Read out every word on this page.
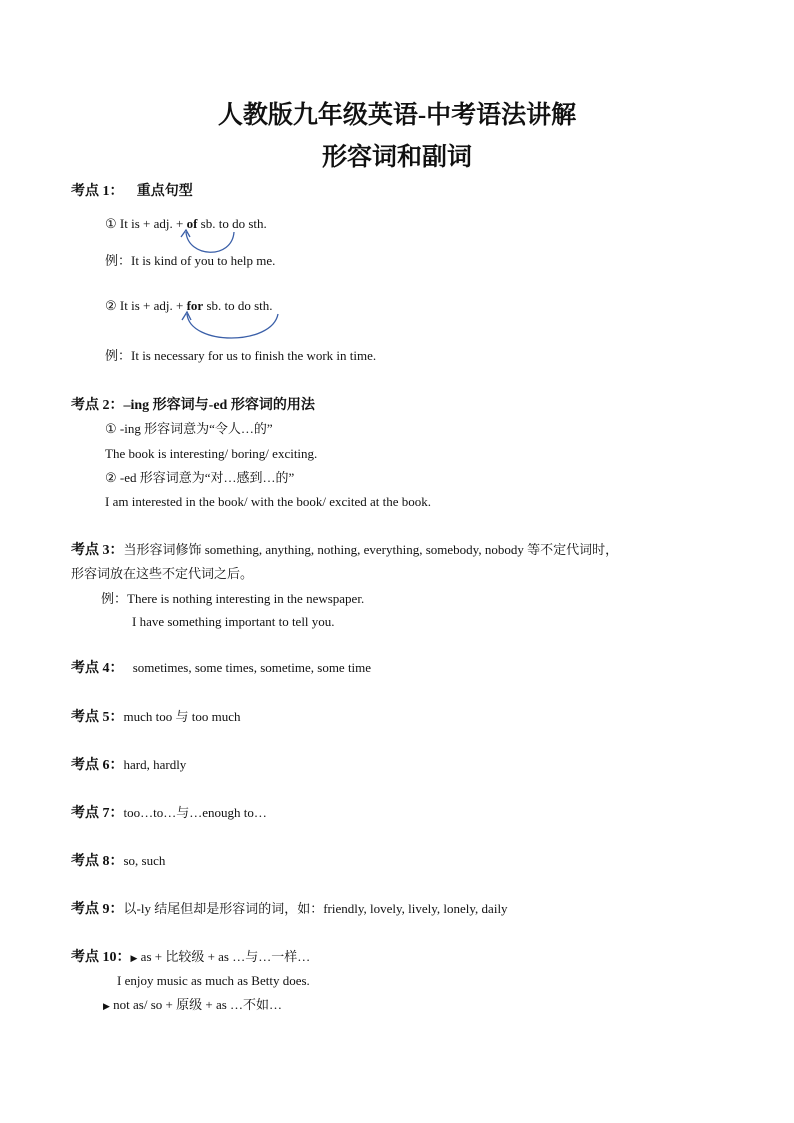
人教版九年级英语-中考语法讲解
形容词和副词
考点 1： 重点句型
① It is + adj. + of sb. to do sth.
例：It is kind of you to help me.
② It is + adj. + for sb. to do sth.
例：It is necessary for us to finish the work in time.
考点 2：–ing 形容词与-ed 形容词的用法
① -ing 形容词意为“令人…的”
The book is interesting/ boring/ exciting.
② -ed 形容词意为“对…感到…的”
I am interested in the book/ with the book/ excited at the book.
考点 3：当形容词修饰 something, anything, nothing, everything, somebody, nobody 等不定代词时，
形容词放在这些不定代词之后。
例：There is nothing interesting in the newspaper.
I have something important to tell you.
考点 4： sometimes, some times, sometime, some time
考点 5：much too 与 too much
考点 6：hard, hardly
考点 7：too…to…与…enough to…
考点 8：so, such
考点 9：以-ly 结尾但却是形容词的词，如：friendly, lovely, lively, lonely, daily
考点 10：▶ as + 比较级 + as …与…一样…
I enjoy music as much as Betty does.
▶ not as/ so + 原级 + as …不如…
